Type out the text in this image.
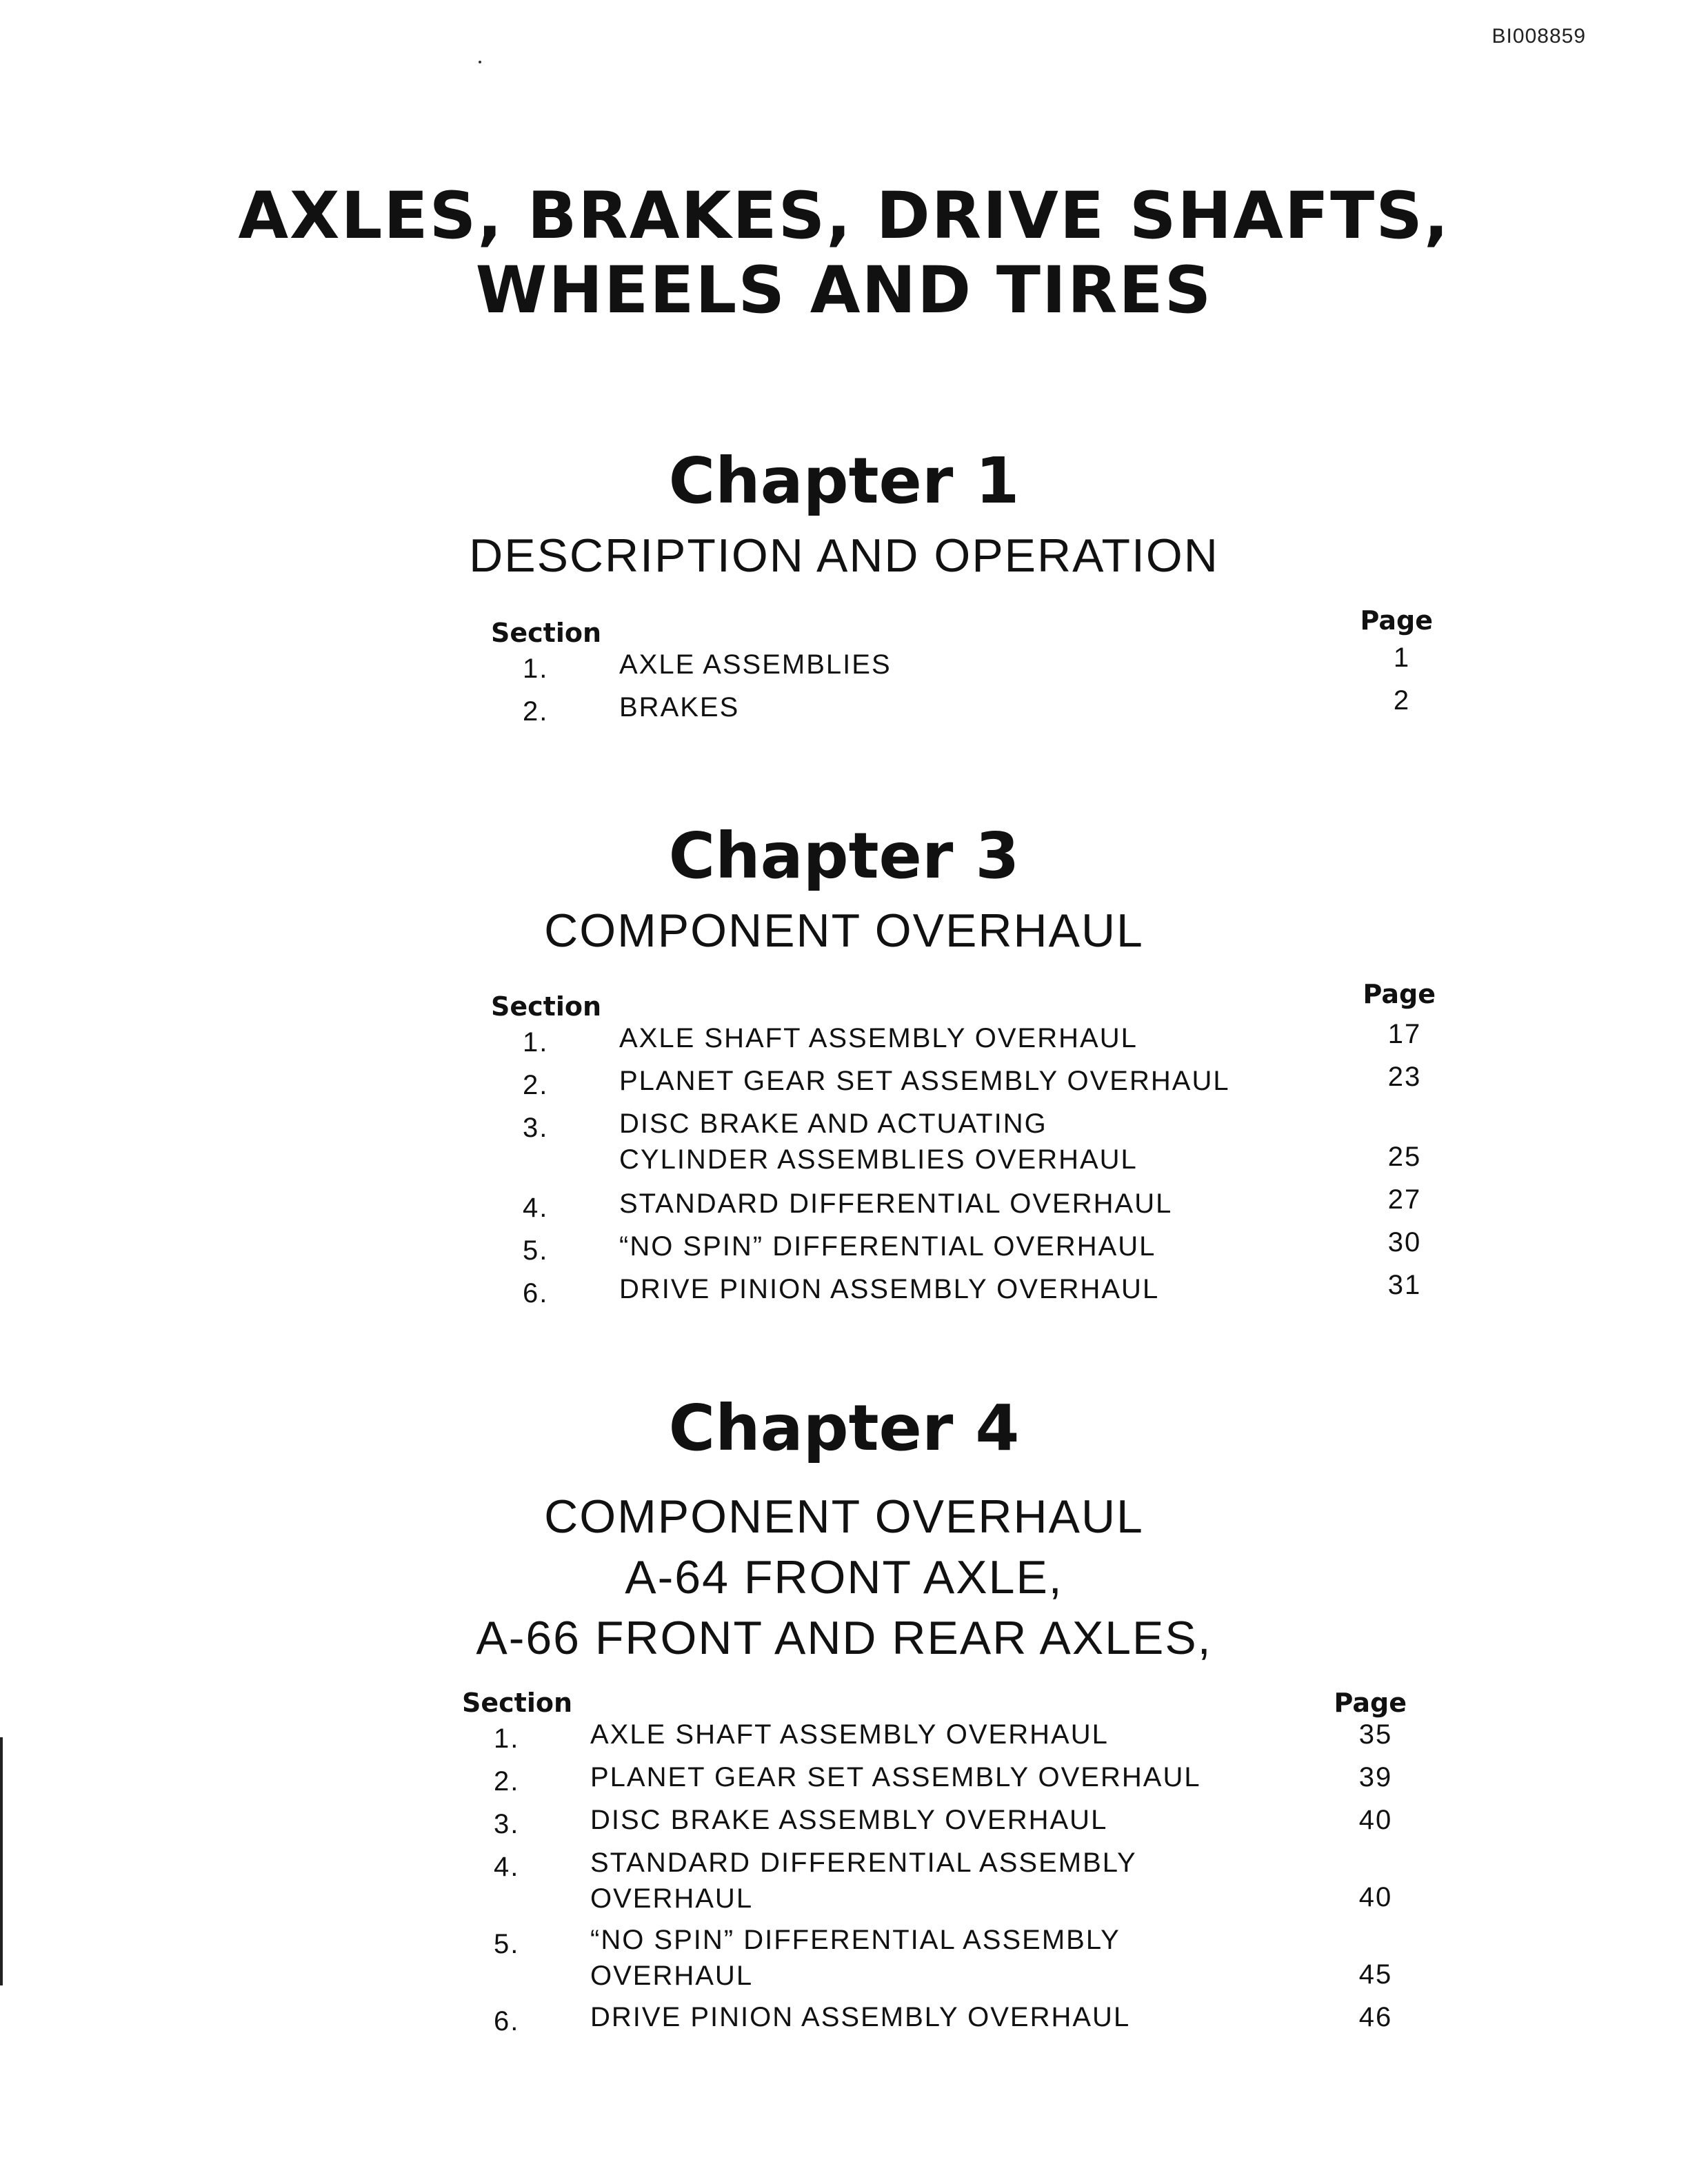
BI008859
AXLES, BRAKES, DRIVE SHAFTS,
WHEELS AND TIRES
Chapter 1
DESCRIPTION AND OPERATION
Section	Page
1.	AXLE ASSEMBLIES	1
2.	BRAKES	2
Chapter 3
COMPONENT OVERHAUL
Section	Page
1.	AXLE SHAFT ASSEMBLY OVERHAUL	17
2.	PLANET GEAR SET ASSEMBLY OVERHAUL	23
3.	DISC BRAKE AND ACTUATING
CYLINDER ASSEMBLIES OVERHAUL	25
4.	STANDARD DIFFERENTIAL OVERHAUL	27
5.	“NO SPIN” DIFFERENTIAL OVERHAUL	30
6.	DRIVE PINION ASSEMBLY OVERHAUL	31
Chapter 4
COMPONENT OVERHAUL
A-64 FRONT AXLE,
A-66 FRONT AND REAR AXLES,
Section	Page
1.	AXLE SHAFT ASSEMBLY OVERHAUL	35
2.	PLANET GEAR SET ASSEMBLY OVERHAUL	39
3.	DISC BRAKE ASSEMBLY OVERHAUL	40
4.	STANDARD DIFFERENTIAL ASSEMBLY
OVERHAUL	40
5.	“NO SPIN” DIFFERENTIAL ASSEMBLY
OVERHAUL	45
6.	DRIVE PINION ASSEMBLY OVERHAUL	46
